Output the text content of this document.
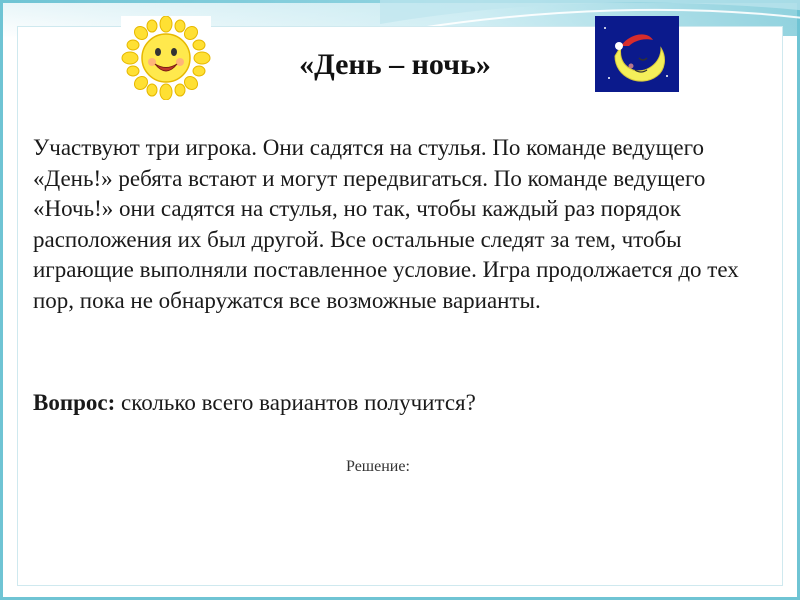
«День – ночь»

Участвуют три игрока. Они садятся на стулья. По команде ведущего «День!» ребята встают и могут передвигаться. По команде ведущего «Ночь!» они садятся на стулья, но так, чтобы каждый раз порядок расположения их был другой. Все остальные следят за тем, чтобы играющие выполняли поставленное условие. Игра продолжается до тех пор, пока не обнаружатся все возможные варианты.

Вопрос: сколько всего вариантов получится?

Решение:
